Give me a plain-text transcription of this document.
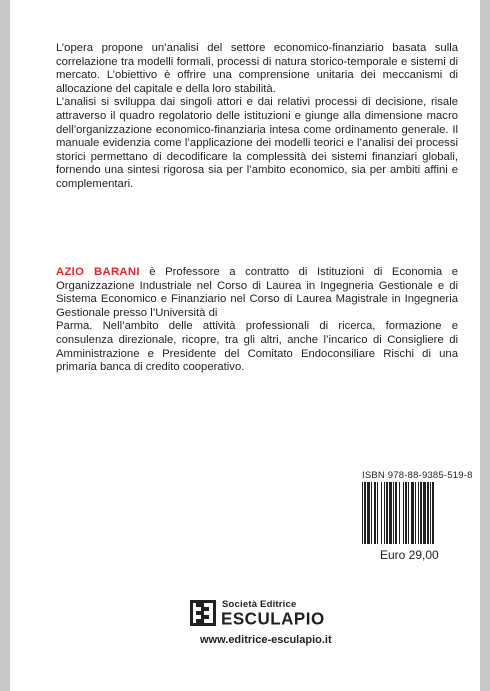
L’opera propone un’analisi del settore economico-finanziario basata sulla correlazione tra modelli formali, processi di natura storico-temporale e sistemi di mercato. L’obiettivo è offrire una comprensione unitaria dei meccanismi di allocazione del capitale e della loro stabilità.

L’analisi si sviluppa dai singoli attori e dai relativi processi di decisione, risale attraverso il quadro regolatorio delle istituzioni e giunge alla dimensione macro dell’organizzazione economico-finanziaria intesa come ordinamento generale. Il manuale evidenzia come l’applicazione dei modelli teorici e l’analisi dei processi storici permettano di decodificare la complessità dei sistemi finanziari globali, fornendo una sintesi rigorosa sia per l’ambito economico, sia per ambiti affini e complementari.

AZIO BARANI è Professore a contratto di Istituzioni di Economia e Organizzazione Industriale nel Corso di Laurea in Ingegneria Gestionale e di Sistema Economico e Finanziario nel Corso di Laurea Magistrale in Ingegneria Gestionale presso l’Università di

Parma. Nell’ambito delle attività professionali di ricerca, formazione e consulenza direzionale, ricopre, tra gli altri, anche l’incarico di Consigliere di Amministrazione e Presidente del Comitato Endoconsiliare Rischi di una primaria banca di credito cooperativo.

ISBN 978-88-9385-519-8
Euro 29,00
Società Editrice
ESCULAPIO
www.editrice-esculapio.it
